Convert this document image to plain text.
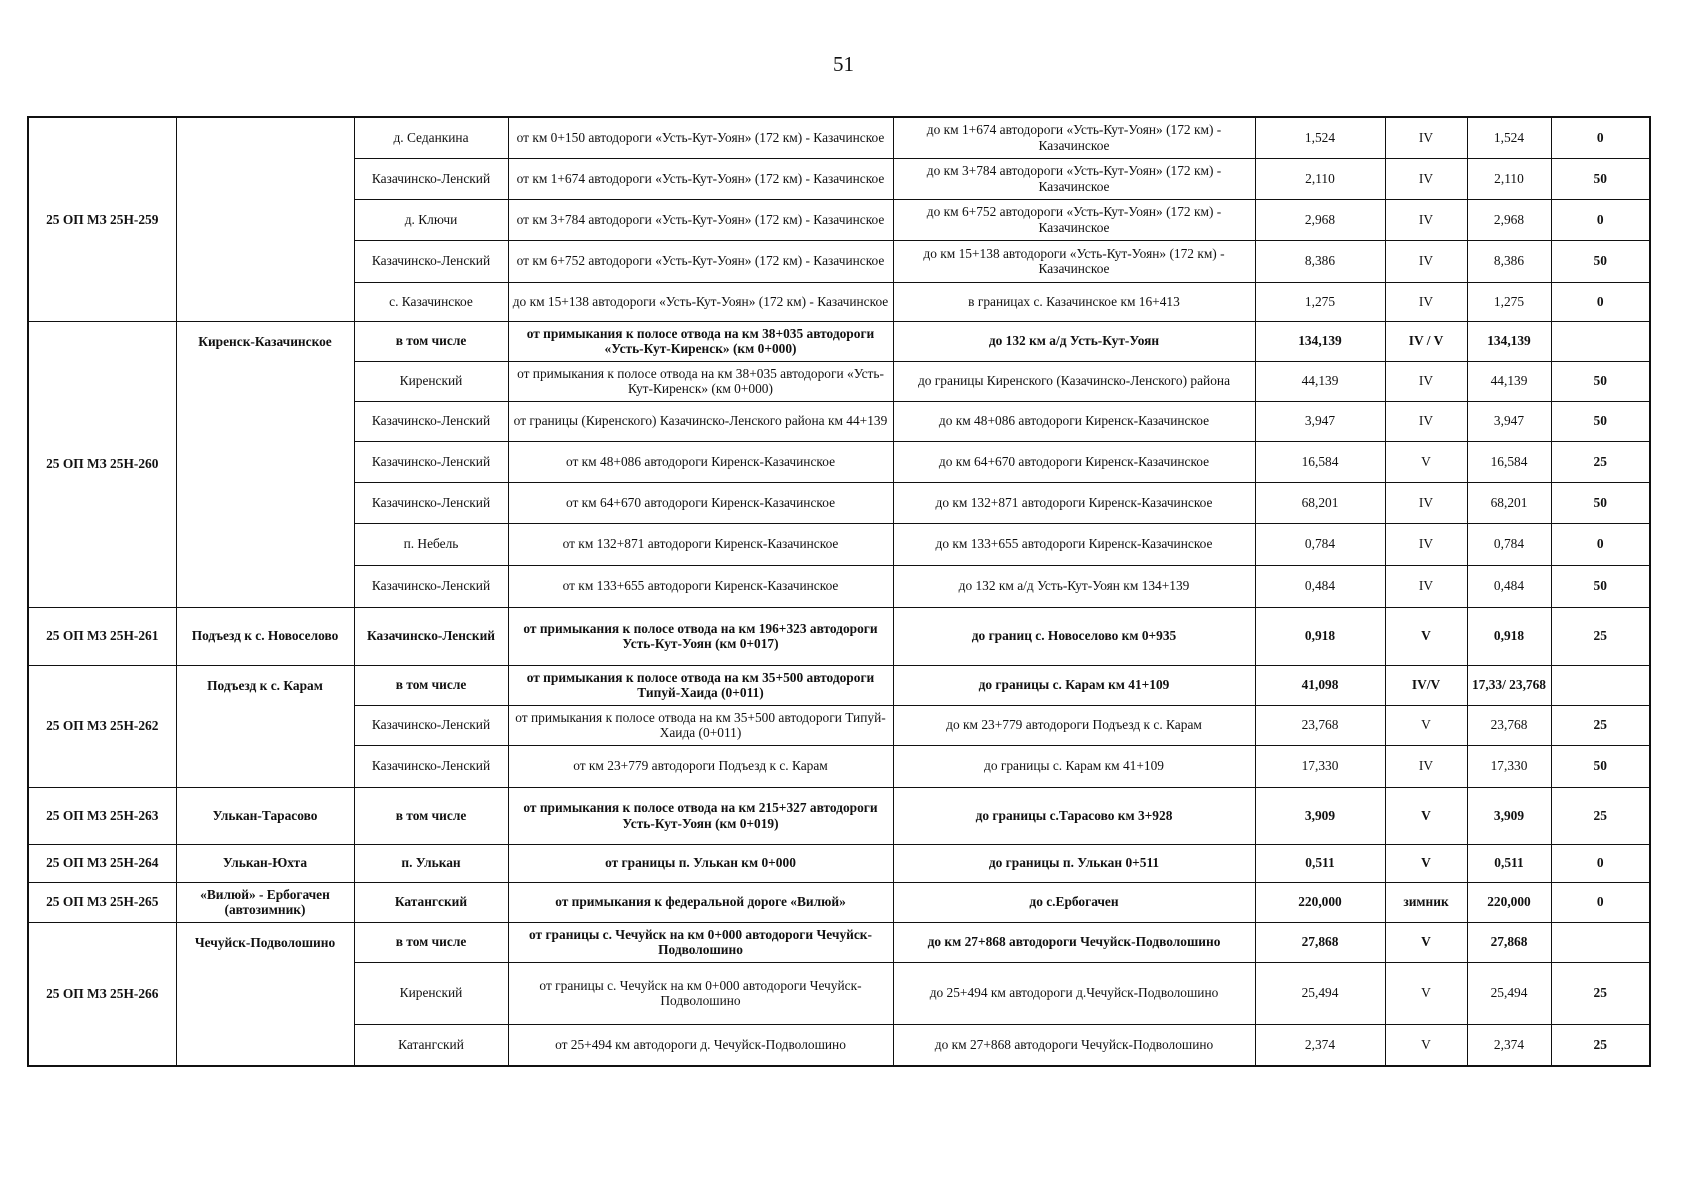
51
25 ОП МЗ 25Н-259		д. Седанкина	от км 0+150 автодороги «Усть-Кут-Уоян» (172 км) - Казачинское	до км 1+674 автодороги «Усть-Кут-Уоян» (172 км) - Казачинское	1,524	IV	1,524	0
		Казачинско-Ленский	от км 1+674 автодороги «Усть-Кут-Уоян» (172 км) - Казачинское	до км 3+784 автодороги «Усть-Кут-Уоян» (172 км) - Казачинское	2,110	IV	2,110	50
		д. Ключи	от км 3+784 автодороги «Усть-Кут-Уоян» (172 км) - Казачинское	до км 6+752 автодороги «Усть-Кут-Уоян» (172 км) - Казачинское	2,968	IV	2,968	0
		Казачинско-Ленский	от км 6+752 автодороги «Усть-Кут-Уоян» (172 км) - Казачинское	до км 15+138 автодороги «Усть-Кут-Уоян» (172 км) - Казачинское	8,386	IV	8,386	50
		с. Казачинское	до км 15+138 автодороги «Усть-Кут-Уоян» (172 км) - Казачинское	в границах с. Казачинское км 16+413	1,275	IV	1,275	0
25 ОП МЗ 25Н-260	Киренск-Казачинское	в том числе	от примыкания к полосе отвода на км 38+035 автодороги «Усть-Кут-Киренск» (км 0+000)	до 132 км а/д Усть-Кут-Уоян	134,139	IV / V	134,139	
		Киренский	от примыкания к полосе отвода на км 38+035 автодороги «Усть-Кут-Киренск» (км 0+000)	до границы Киренского (Казачинско-Ленского) района	44,139	IV	44,139	50
		Казачинско-Ленский	от границы (Киренского) Казачинско-Ленского района км 44+139	до км 48+086 автодороги Киренск-Казачинское	3,947	IV	3,947	50
		Казачинско-Ленский	от км 48+086 автодороги Киренск-Казачинское	до км 64+670 автодороги Киренск-Казачинское	16,584	V	16,584	25
		Казачинско-Ленский	от км 64+670 автодороги Киренск-Казачинское	до км 132+871 автодороги Киренск-Казачинское	68,201	IV	68,201	50
		п. Небель	от км 132+871 автодороги Киренск-Казачинское	до км 133+655 автодороги Киренск-Казачинское	0,784	IV	0,784	0
		Казачинско-Ленский	от км 133+655 автодороги Киренск-Казачинское	до 132 км а/д Усть-Кут-Уоян км 134+139	0,484	IV	0,484	50
25 ОП МЗ 25Н-261	Подъезд к с. Новоселово	Казачинско-Ленский	от примыкания к полосе отвода на км 196+323 автодороги Усть-Кут-Уоян (км 0+017)	до границ с. Новоселово км 0+935	0,918	V	0,918	25
25 ОП МЗ 25Н-262	Подъезд к с. Карам	в том числе	от примыкания к полосе отвода на км 35+500 автодороги Типуй-Хаида (0+011)	до границы с. Карам км 41+109	41,098	IV/V	17,33/ 23,768	
		Казачинско-Ленский	от примыкания к полосе отвода на км 35+500 автодороги Типуй-Хаида (0+011)	до км 23+779 автодороги Подъезд к с. Карам	23,768	V	23,768	25
		Казачинско-Ленский	от км 23+779 автодороги Подъезд к с. Карам	до границы с. Карам км 41+109	17,330	IV	17,330	50
25 ОП МЗ 25Н-263	Улькан-Тарасово	в том числе	от примыкания к полосе отвода на км 215+327 автодороги Усть-Кут-Уоян (км 0+019)	до границы с.Тарасово км 3+928	3,909	V	3,909	25
25 ОП МЗ 25Н-264	Улькан-Юхта	п. Улькан	от границы п. Улькан км 0+000	до границы п. Улькан 0+511	0,511	V	0,511	0
25 ОП МЗ 25Н-265	«Вилюй» - Ербогачен (автозимник)	Катангский	от примыкания к федеральной дороге «Вилюй»	до с.Ербогачен	220,000	зимник	220,000	0
25 ОП МЗ 25Н-266	Чечуйск-Подволошино	в том числе	от границы с. Чечуйск на км 0+000 автодороги Чечуйск-Подволошино	до км 27+868 автодороги Чечуйск-Подволошино	27,868	V	27,868	
		Киренский	от границы с. Чечуйск на км 0+000 автодороги Чечуйск-Подволошино	до 25+494 км автодороги д.Чечуйск-Подволошино	25,494	V	25,494	25
		Катангский	от 25+494 км автодороги д. Чечуйск-Подволошино	до км 27+868 автодороги Чечуйск-Подволошино	2,374	V	2,374	25
